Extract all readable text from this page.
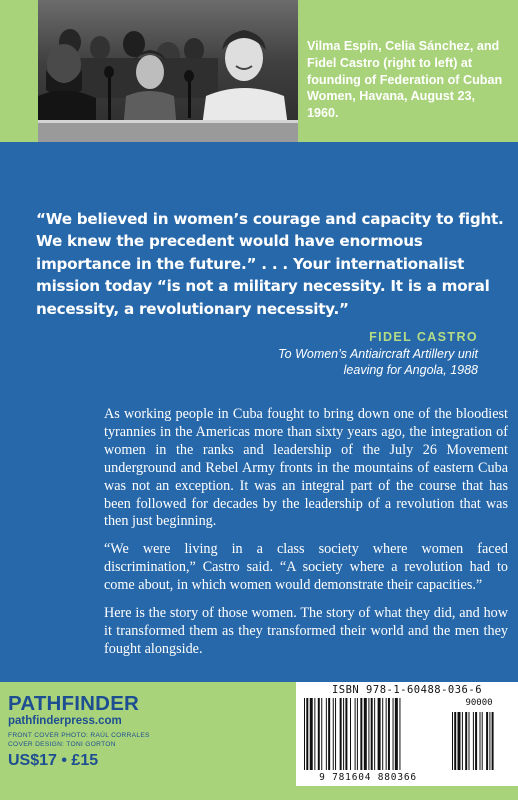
Vilma Espín, Celia Sánchez, and Fidel Castro (right to left) at founding of Federation of Cuban Women, Havana, August 23, 1960.

“We believed in women’s courage and capacity to fight. We knew the precedent would have enormous importance in the future.” . . . Your internationalist mission today “is not a military necessity. It is a moral necessity, a revolutionary necessity.”

FIDEL CASTRO

To Women’s Antiaircraft Artillery unit leaving for Angola, 1988

As working people in Cuba fought to bring down one of the bloodiest tyrannies in the Americas more than sixty years ago, the integration of women in the ranks and leadership of the July 26 Movement underground and Rebel Army fronts in the mountains of eastern Cuba was not an exception. It was an integral part of the course that has been followed for decades by the leadership of a revolution that was then just beginning.

“We were living in a class society where women faced discrimination,” Castro said. “A society where a revolution had to come about, in which women would demonstrate their capacities.”

Here is the story of those women. The story of what they did, and how it transformed them as they transformed their world and the men they fought alongside.

PATHFINDER

pathfinderpress.com

FRONT COVER PHOTO: RAÚL CORRALES

COVER DESIGN: TONI GORTON

US$17 • £15

ISBN 978-1-60488-036-6

90000

9 781604 880366
